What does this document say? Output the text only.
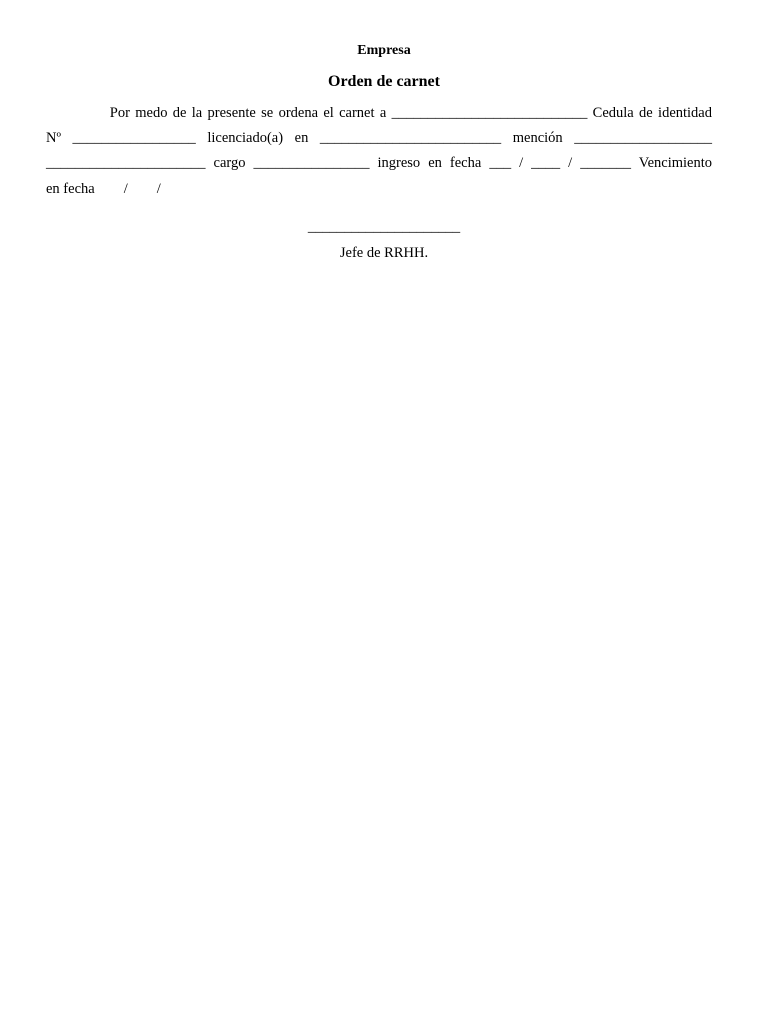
Empresa
Orden de carnet
Por medo de la presente se ordena el carnet a ___________________________ Cedula de identidad
Nº _________________ licenciado(a) en _________________________ mención ___________________
______________________ cargo ________________ ingreso en fecha ___ / ____ / _______ Vencimiento
en fecha        /        /
_____________________
Jefe de RRHH.
